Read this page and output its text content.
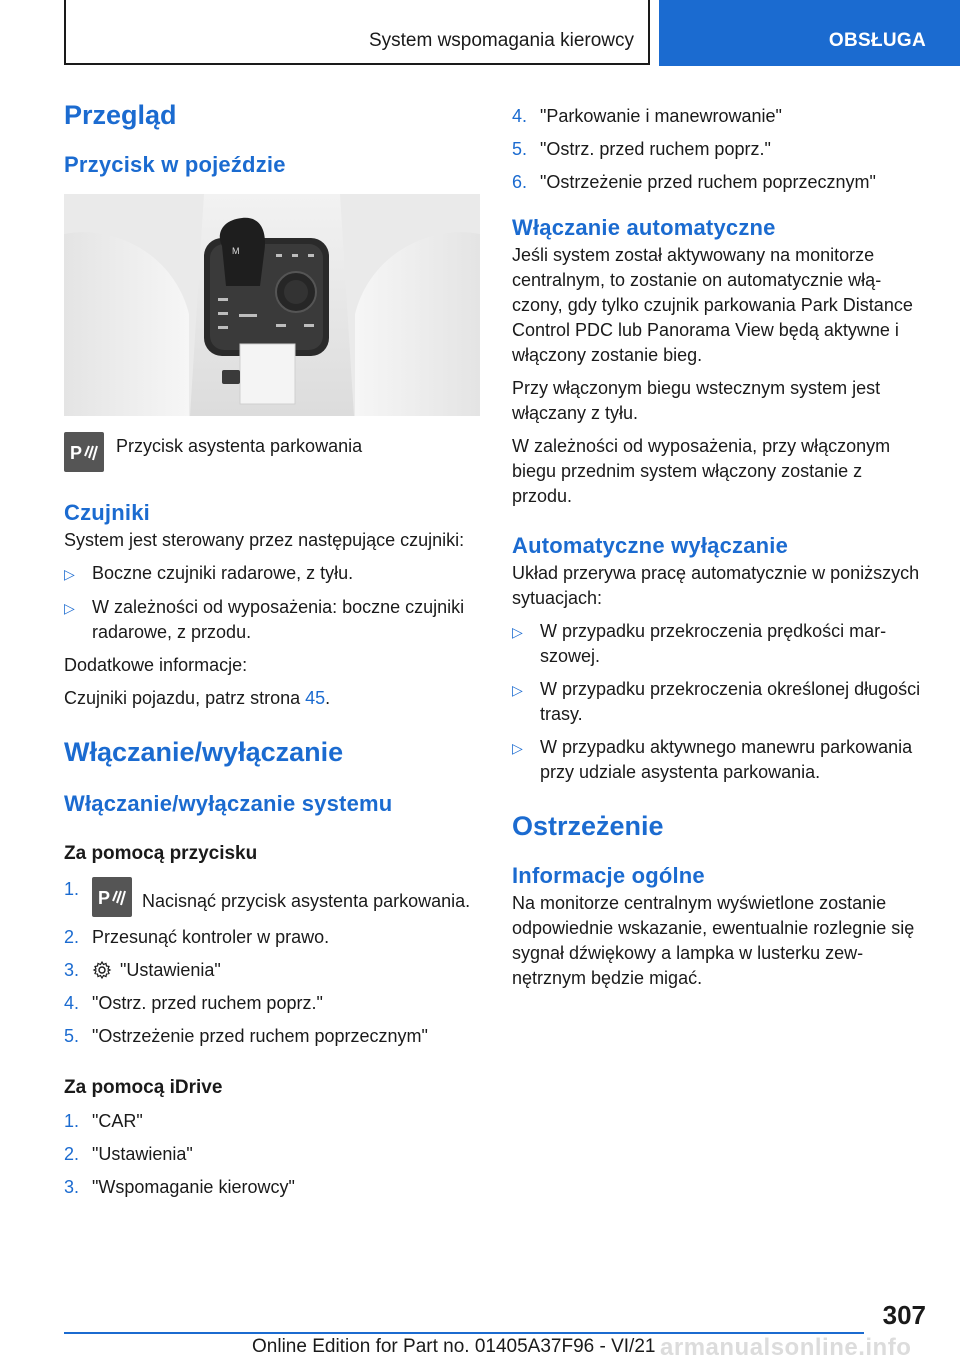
System wspomagania kierowcy	OBSŁUGA
Przegląd
Przycisk w pojeździe
M
P Przycisk asystenta parkowania
Czujniki

System jest sterowany przez następujące czujniki:

▷ Boczne czujniki radarowe, z tyłu.
▷ W zależności od wyposażenia: boczne czujniki radarowe, z przodu.

Dodatkowe informacje:

Czujniki pojazdu, patrz strona 45.

Włączanie/wyłączanie
Włączanie/wyłączanie systemu
Za pomocą przycisku
1.	P Nacisnąć przycisk asystenta parkowania.
2. Przesunąć kontroler w prawo.
3.	"Ustawienia"
4. "Ostrz. przed ruchem poprz."
5. "Ostrzeżenie przed ruchem poprzecznym"
Za pomocą iDrive
1. "CAR"
2. "Ustawienia"
3. "Wspomaganie kierowcy"
4. "Parkowanie i manewrowanie"
5. "Ostrz. przed ruchem poprz."
6. "Ostrzeżenie przed ruchem poprzecznym"
Włączanie automatyczne

Jeśli system został aktywowany na monitorze centralnym, to zostanie on automatycznie włączony, gdy tylko czujnik parkowania Park Distance Control PDC lub Panorama View będą aktywne i włączony zostanie bieg.

Przy włączonym biegu wstecznym system jest włączany z tyłu.

W zależności od wyposażenia, przy włączonym biegu przednim system włączony zostanie z przodu.

Automatyczne wyłączanie

Układ przerywa pracę automatycznie w poniższych sytuacjach:

▷ W przypadku przekroczenia prędkości marszowej.
▷ W przypadku przekroczenia określonej długości trasy.
▷ W przypadku aktywnego manewru parkowania przy udziale asystenta parkowania.
Ostrzeżenie
Informacje ogólne

Na monitorze centralnym wyświetlone zostanie odpowiednie wskazanie, ewentualnie rozlegnie się sygnał dźwiękowy a lampka w lusterku zewnętrznym będzie migać.

307
Online Edition for Part no. 01405A37F96 - VI/21 armanualsonline.info
